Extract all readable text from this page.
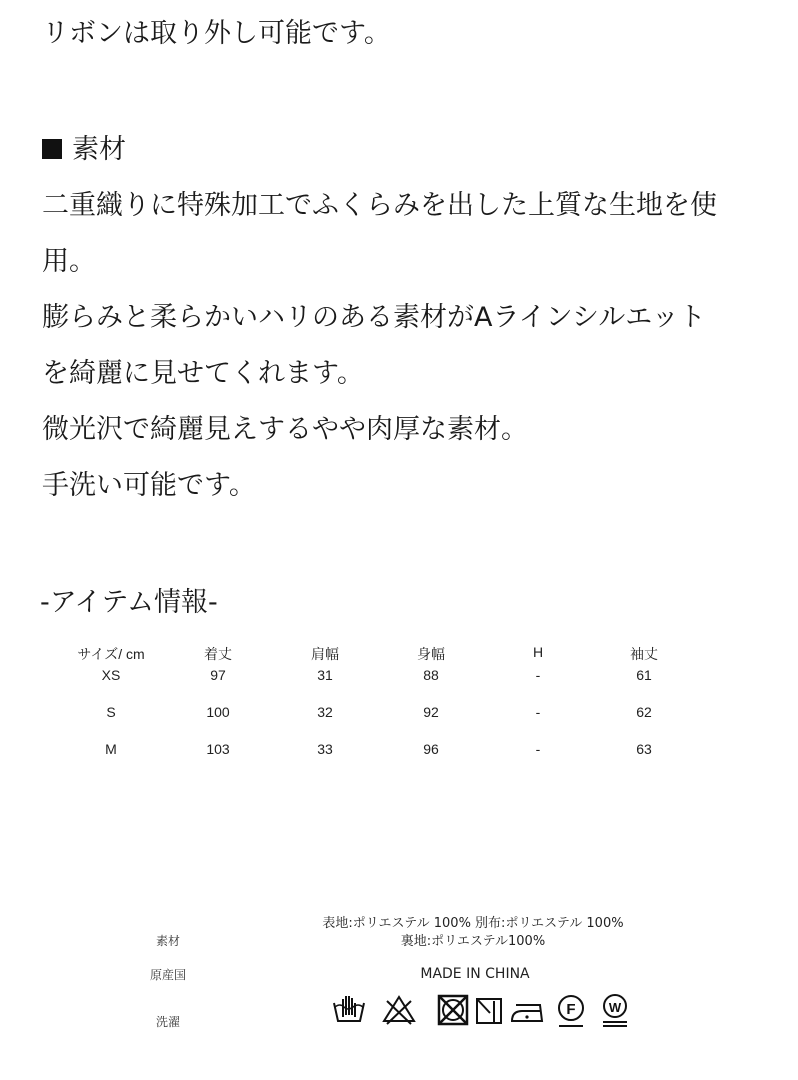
リボンは取り外し可能です。
素材
二重織りに特殊加工でふくらみを出した上質な生地を使
用。
膨らみと柔らかいハリのある素材がAラインシルエット
を綺麗に見せてくれます。
微光沢で綺麗見えするやや肉厚な素材。
手洗い可能です。
-アイテム情報-
サイズ/ cm	着丈	肩幅	身幅	H	袖丈
XS	97	31	88	-	61
S	100	32	92	-	62
M	103	33	96	-	63
素材
表地:ポリエステル 100% 別布:ポリエステル 100%
裏地:ポリエステル100%
原産国	MADE IN CHINA
洗濯
F	W
